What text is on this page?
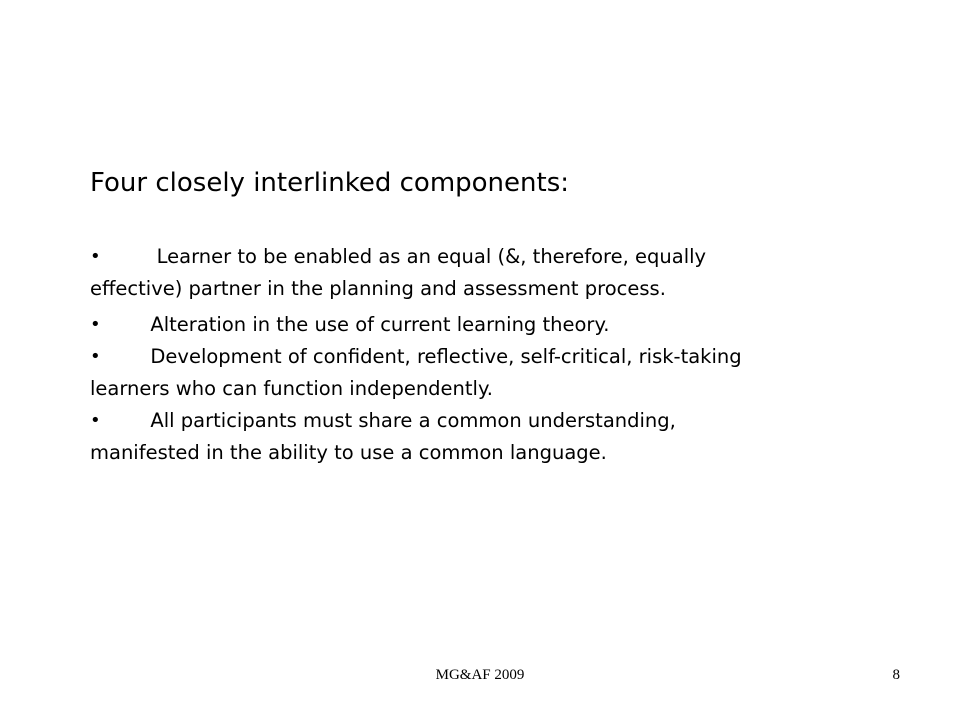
Four closely interlinked components:
•	Learner to be enabled as an equal (&, therefore, equally
effective) partner in the planning and assessment process.
•	Alteration in the use of current learning theory.
•	Development of confident, reflective, self-critical, risk-taking
learners who can function independently.
•	All participants must share a common understanding,
manifested in the ability to use a common language.
MG&AF 2009	8
